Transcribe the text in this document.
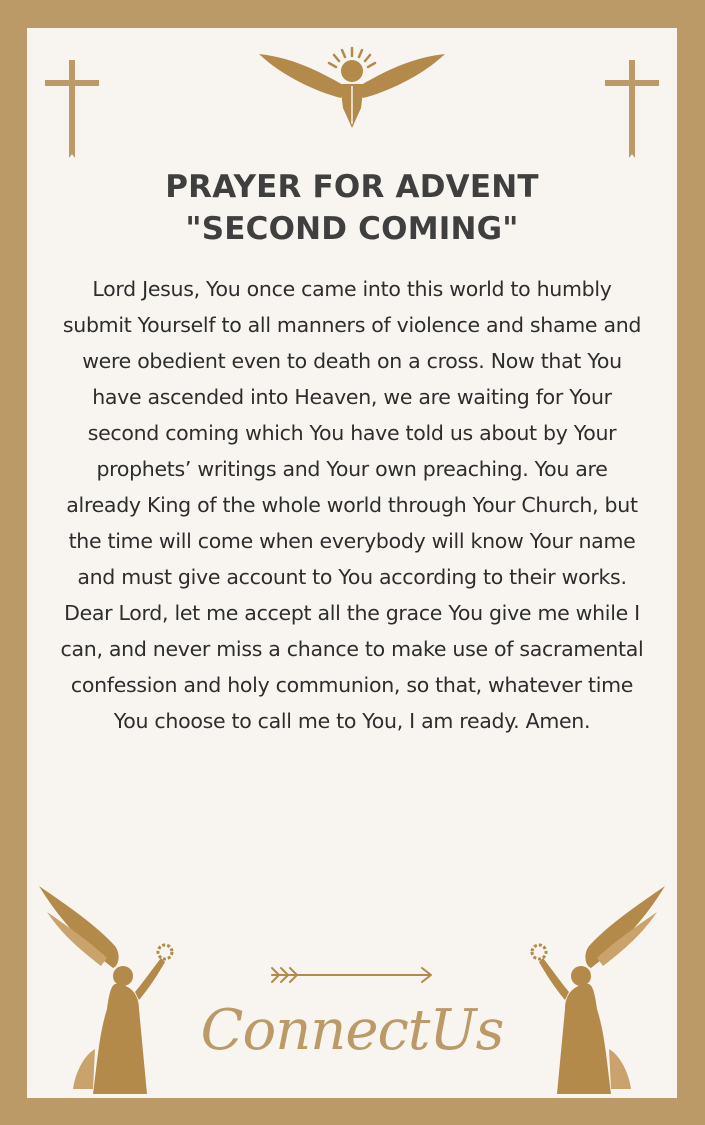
PRAYER FOR ADVENT
"SECOND COMING"
Lord Jesus, You once came into this world to humbly submit Yourself to all manners of violence and shame and were obedient even to death on a cross. Now that You have ascended into Heaven, we are waiting for Your second coming which You have told us about by Your prophets’ writings and Your own preaching. You are already King of the whole world through Your Church, but the time will come when everybody will know Your name and must give account to You according to their works. Dear Lord, let me accept all the grace You give me while I can, and never miss a chance to make use of sacramental confession and holy communion, so that, whatever time You choose to call me to You, I am ready. Amen.
ConnectUs
